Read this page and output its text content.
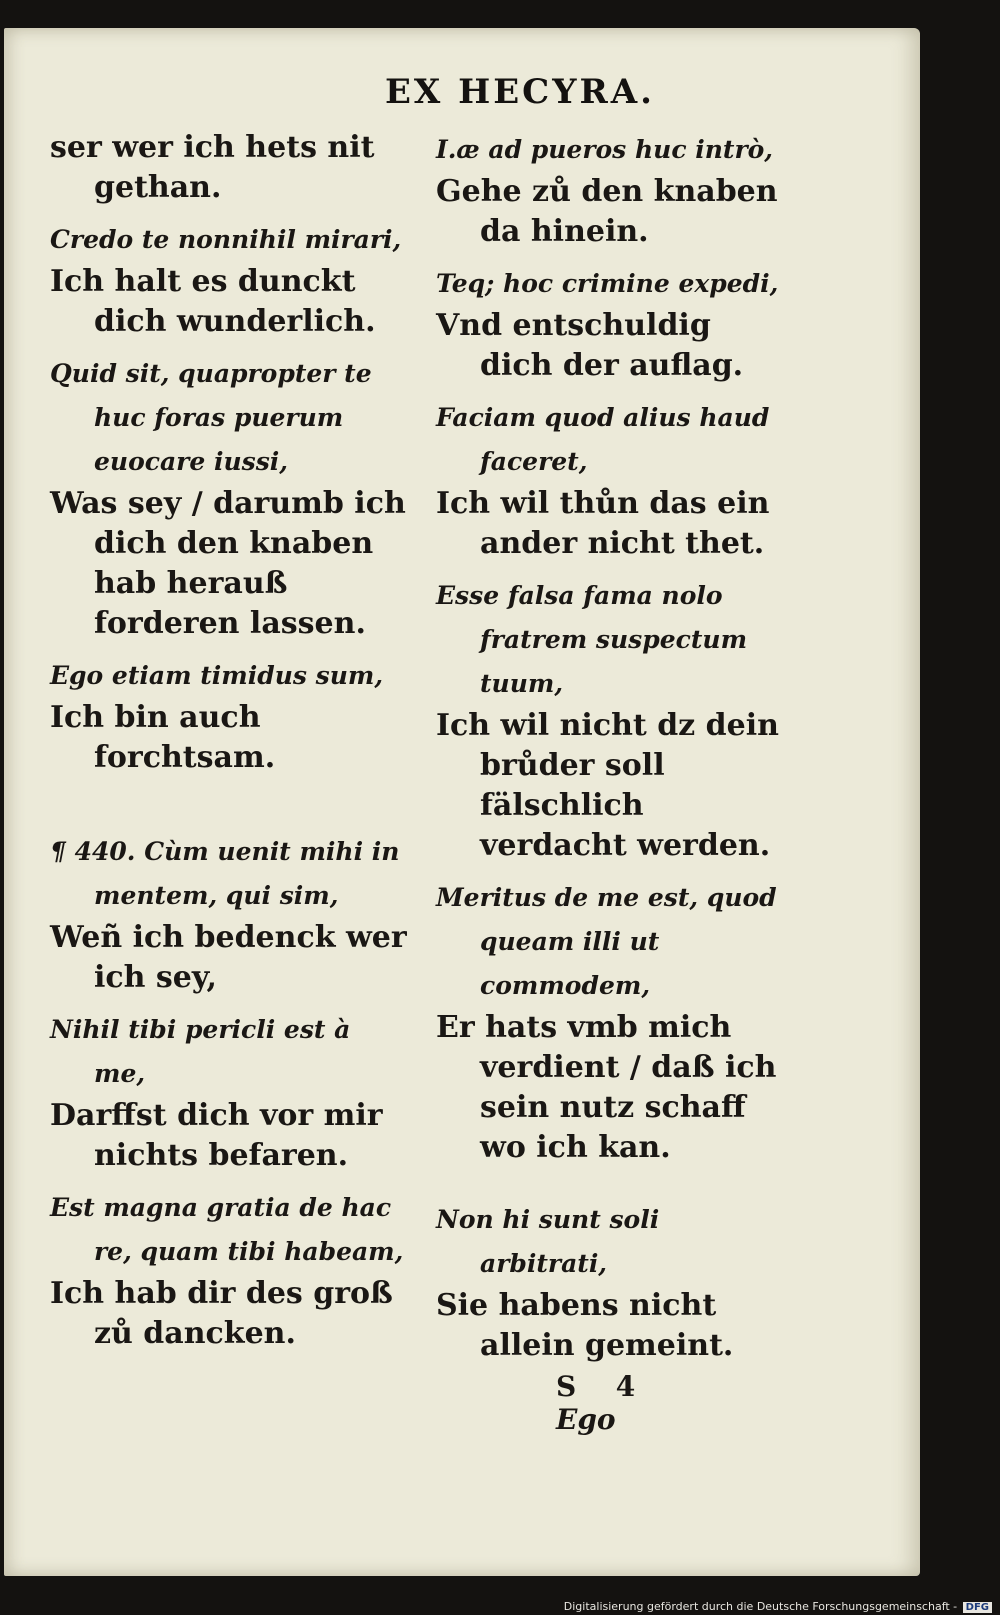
EX HECYRA.
ser wer ich hets nit gethan.
Credo te nonnihil mirari,
Ich halt es dunckt dich wunderlich.
Quid sit, quapropter te huc foras puerum euocare iussi,
Was sey / darumb ich dich den knaben hab herauß forderen lassen.
Ego etiam timidus sum,
Ich bin auch forchtsam.
¶ 440. Cùm uenit mihi in mentem, qui sim,
Weñ ich bedenck wer ich sey,
Nihil tibi pericli est à me,
Darffst dich vor mir nichts befaren.
Est magna gratia de hac re, quam tibi habeam,
Ich hab dir des groß zů dancken.
I.æ ad pueros huc intrò,
Gehe zů den knaben da hinein.
Teq; hoc crimine expedi,
Vnd entschuldig dich der auflag.
Faciam quod alius haud faceret,
Ich wil thůn das ein ander nicht thet.
Esse falsa fama nolo fratrem suspectum tuum,
Ich wil nicht dz dein brůder soll fälschlich verdacht werden.
Meritus de me est, quod queam illi ut commodem,
Er hats vmb mich verdient / daß ich sein nutz schaff wo ich kan.
Non hi sunt soli arbitrati,
Sie habens nicht allein gemeint.
S 4 Ego
Digitalisierung gefördert durch die Deutsche Forschungsgemeinschaft - DFG
